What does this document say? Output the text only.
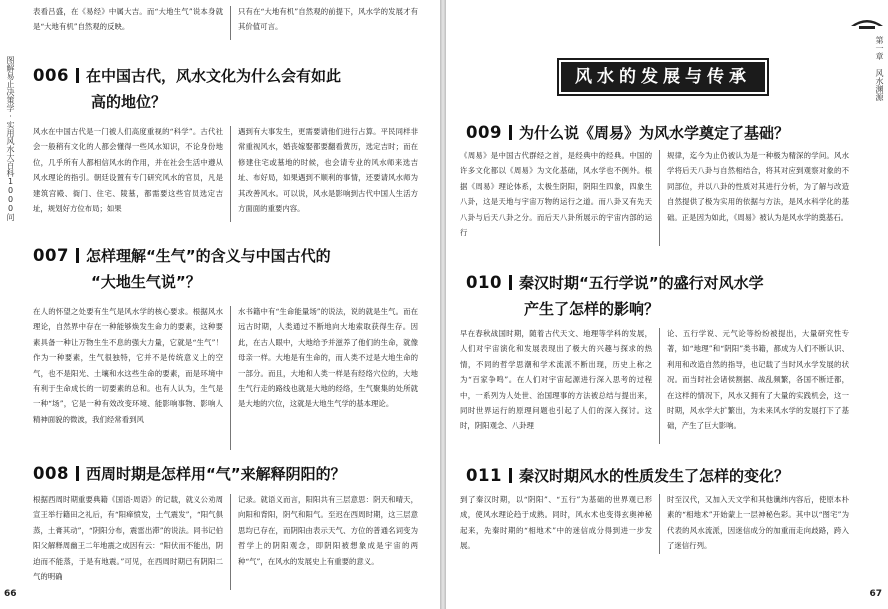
图解易止决策学·实用风水大百科1000问

表看吕盛，在《易经》中属大吉。而“大地生气”说本身就是“大地有机”自然观的反映。

只有在“大地有机”自然观的前提下，风水学的发展才有其价值可言。

006 在中国古代，风水文化为什么会有如此
高的地位？

风水在中国古代是一门被人们高度重视的“科学”。古代社会一般稍有文化的人都会懂得一些风水知识，不论身份地位，几乎所有人都相信风水的作用，并在社会生活中遵从风水理论的指引。朝廷设置有专门研究风水的官员，凡是建筑宫殿、衙门、住宅、陵墓，都需要这些官员选定吉址，规划好方位布局；如果

遇到有大事发生，更需要请他们进行占算。平民同样非常重视风水，婚丧嫁娶都要翻看黄历，选定吉时；而在修建住宅或墓地的时候，也会请专业的风水师来选吉址、布好局，如果遇到不顺利的事情，还要请风水师为其改善风水。可以说，风水是影响到古代中国人生活方方面面的重要内容。

007 怎样理解“生气”的含义与中国古代的
“大地生气说”？

在人的怀望之处要有生气是风水学的核心要求。根据风水理论，自然界中存在一种能够焕发生命力的要素，这种要素具备一种让万物生生不息的强大力量，它就是“生气”！作为一种要素，生气很独特，它并不是传统意义上的空气，也不是阳光、土壤和水这些生命的要素，而是环境中有利于生命成长的一切要素的总和。也有人认为，生气是一种“场”，它是一种有效改变环境、能影响事物、影响人精神面貌的微波，我们经常看到风

水书籍中有“生命能量场”的说法，说的就是生气。而在远古时期，人类通过不断地向大地索取获得生存。因此，在古人眼中，大地给予并滋养了他们的生命，就像母亲一样。大地是有生命的，而人类不过是大地生命的一部分。而且，大地和人类一样是有经络穴位的，大地生气行走的路线也就是大地的经络，生气聚集的处所就是大地的穴位，这就是大地生气学的基本理论。

008 西周时期是怎样用“气”来解释阴阳的？

根据西周时期重要典籍《国语·周语》的记载，就义公劝周宣王举行籍田之礼后，有“阳瘅愤发，土气震发”，“阳气俱蒸，土膏其动”，“阴阳分布，震雷出滞”的说法。同书记伯阳父解释周幽王二年地震之成因有云：“阳伏而不能出，阴迫而不能蒸，于是有地震。”可见，在西周时期已有阴阳二气的明确

记录。就语义而言，阳阳共有三层意思：阴天和晴天，向阳和背阳，阴气和阳气。至迟在西周时期，这三层意思均已存在，而阴阳由表示天气、方位的普通名词变为哲学上的阴阳观念，即阴阳被想象成是宇宙的两种“气”，在风水的发展史上有重要的意义。

66
第一章 风水渊源
风水的发展与传承
009 为什么说《周易》为风水学奠定了基础？

《周易》是中国古代群经之首，是经典中的经典。中国的许多文化都以《周易》为文化基础，风水学也不例外。根据《周易》理论体系，太极生阴阳，阴阳生四象，四象生八卦，这是天地与宇宙万物的运行之道。而八卦又有先天八卦与后天八卦之分。而后天八卦所展示的宇宙内部的运行

规律，迄今为止仍被认为是一种极为精深的学问。风水学将后天八卦与自然相结合，将其对应到观察对象的不同部位，并以八卦的性质对其进行分析，为了解与改造自然提供了极为实用的依据与方法，是风水科学化的基础。正是因为如此，《周易》被认为是风水学的奠基石。

010 秦汉时期“五行学说”的盛行对风水学
产生了怎样的影响？

早在春秋战国时期，随着古代天文、地理等学科的发展，人们对宇宙演化和发展表现出了极大的兴趣与探求的热情，不同的哲学思潮和学术流派不断出现，历史上称之为“百家争鸣”。在人们对宇宙起源进行深入思考的过程中，一系列为人处世、治国理事的方法被总结与提出来，同时世界运行的原理问题也引起了人们的深入探讨。这时，阴阳观念、八卦理

论、五行学说、元气论等纷纷被提出，大量研究性专著，如“地理”和“阴阳”类书籍，都成为人们不断认识、利用和改造自然的指导，也记载了当时风水学发展的状况。而当时社会诸侯割据、战乱频繁，各国不断迁都，在这样的情况下，风水又拥有了大量的实践机会，这一时期，风水学大扩繁出，为未来风水学的发展打下了基础，产生了巨大影响。

011 秦汉时期风水的性质发生了怎样的变化？

到了秦汉时期，以“阴阳”、“五行”为基础的世界观已形成，使风水理论趋于成熟。同时，风水术也变得玄奥神秘起来，先秦时期的“相地术”中的迷信成分得到进一步发展。

时至汉代，又加入天文学和其他谶纬内容后，使原本朴素的“相地术”开始蒙上一层神秘色彩。其中以“图宅”为代表的风水流派，因迷信成分的加重而走向歧路，跨入了迷信行列。

67
